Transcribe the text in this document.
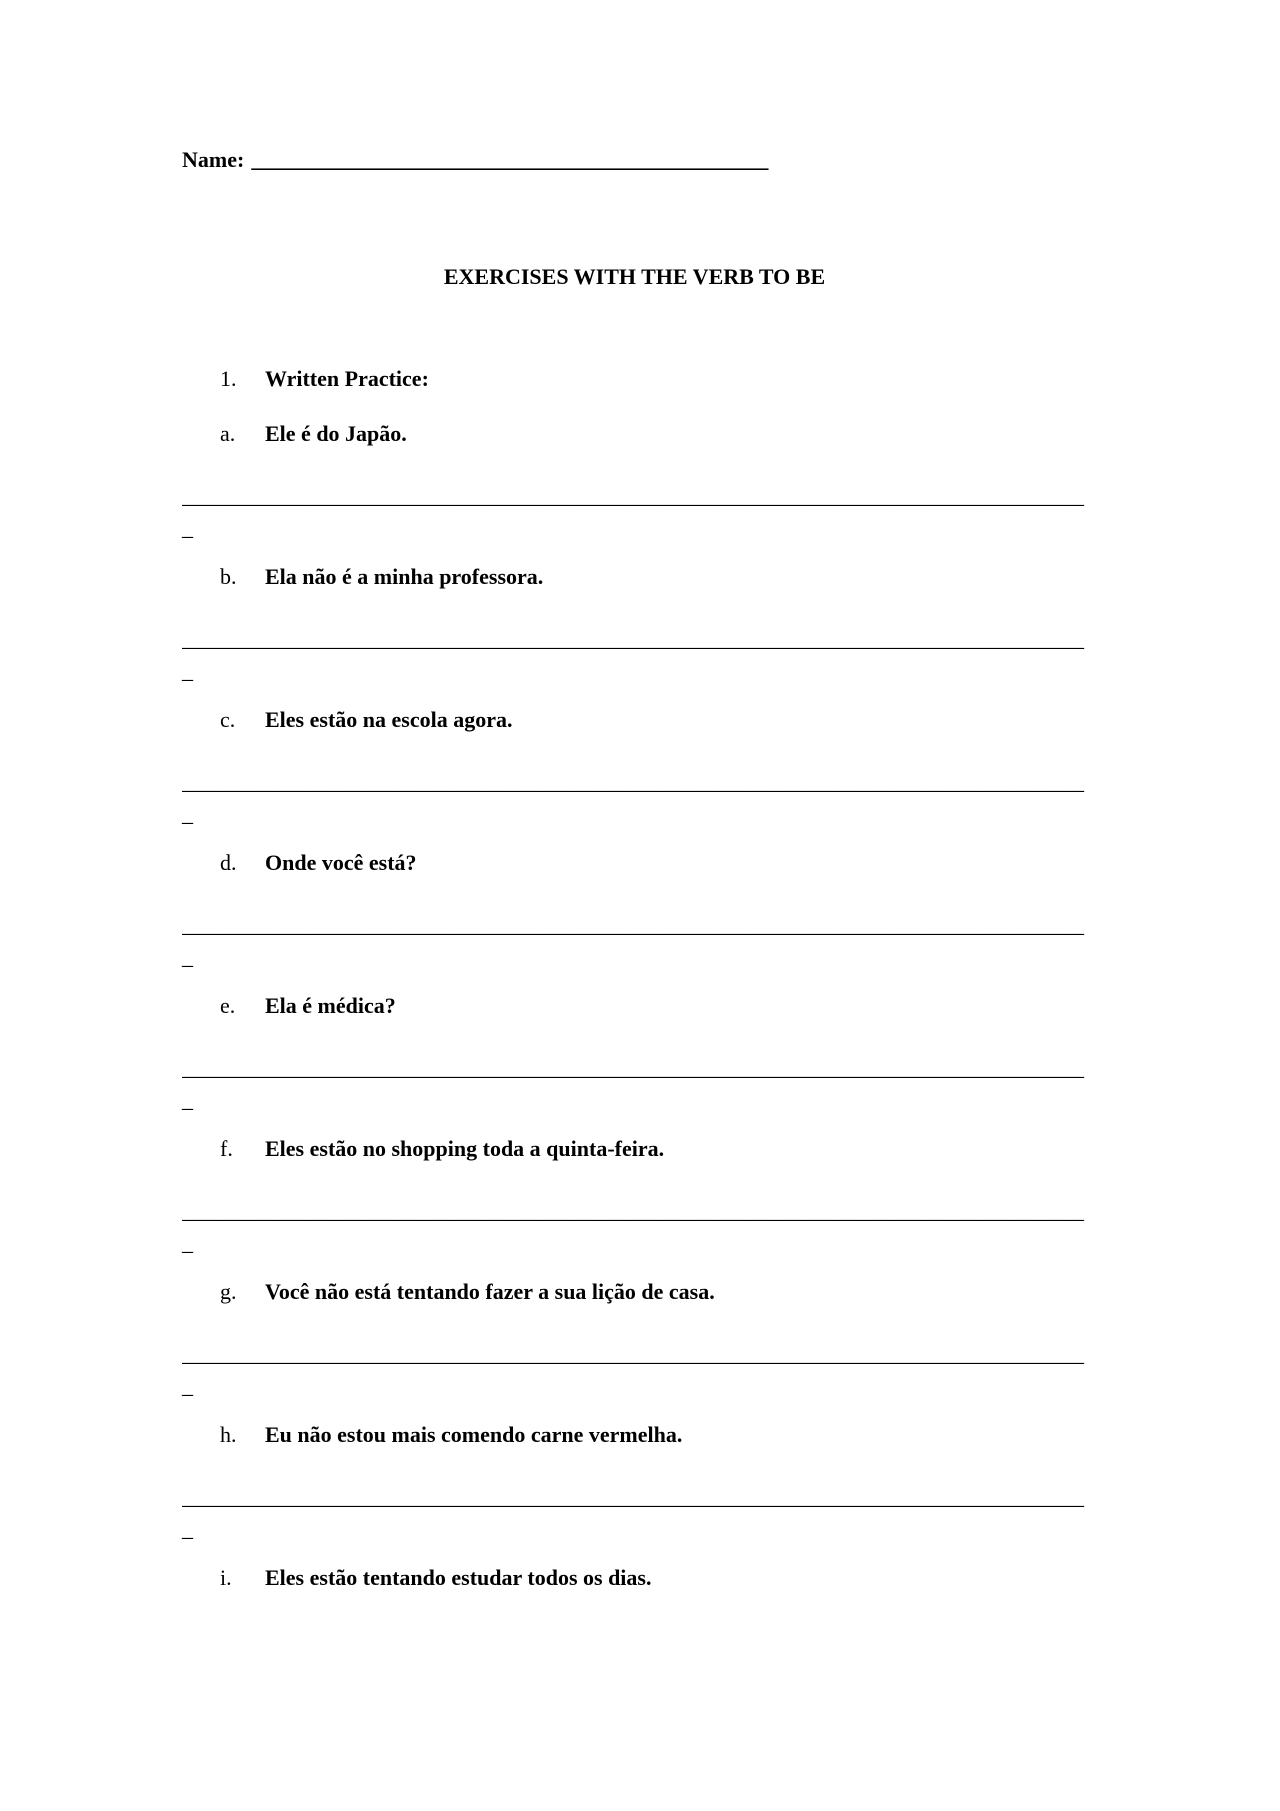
Name: _______________________________________________
EXERCISES WITH THE VERB TO BE
1. Written Practice:
a. Ele é do Japão.
__________________________________________________________________________________
_
b. Ela não é a minha professora.
__________________________________________________________________________________
_
c. Eles estão na escola agora.
__________________________________________________________________________________
_
d. Onde você está?
__________________________________________________________________________________
_
e. Ela é médica?
__________________________________________________________________________________
_
f. Eles estão no shopping toda a quinta-feira.
__________________________________________________________________________________
_
g. Você não está tentando fazer a sua lição de casa.
__________________________________________________________________________________
_
h. Eu não estou mais comendo carne vermelha.
__________________________________________________________________________________
_
i. Eles estão tentando estudar todos os dias.
